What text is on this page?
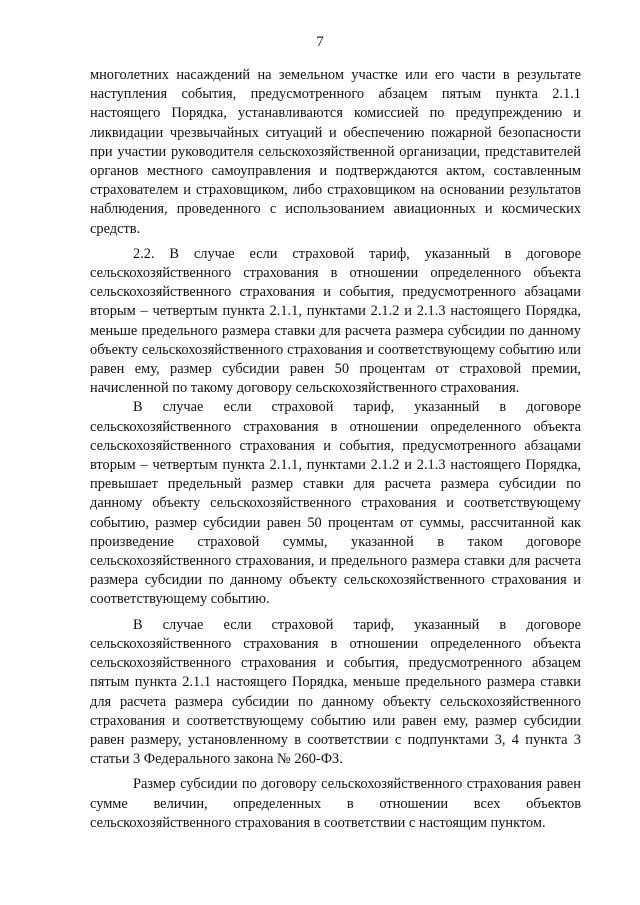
7

многолетних насаждений на земельном участке или его части в результате наступления события, предусмотренного абзацем пятым пункта 2.1.1 настоящего Порядка, устанавливаются комиссией по предупреждению и ликвидации чрезвычайных ситуаций и обеспечению пожарной безопасности при участии руководителя сельскохозяйственной организации, представителей органов местного самоуправления и подтверждаются актом, составленным страхователем и страховщиком, либо страховщиком на основании результатов наблюдения, проведенного с использованием авиационных и космических средств.

2.2. В случае если страховой тариф, указанный в договоре сельскохозяйственного страхования в отношении определенного объекта сельскохозяйственного страхования и события, предусмотренного абзацами вторым – четвертым пункта 2.1.1, пунктами 2.1.2 и 2.1.3 настоящего Порядка, меньше предельного размера ставки для расчета размера субсидии по данному объекту сельскохозяйственного страхования и соответствующему событию или равен ему, размер субсидии равен 50 процентам от страховой премии, начисленной по такому договору сельскохозяйственного страхования.

В случае если страховой тариф, указанный в договоре сельскохозяйственного страхования в отношении определенного объекта сельскохозяйственного страхования и события, предусмотренного абзацами вторым – четвертым пункта 2.1.1, пунктами 2.1.2 и 2.1.3 настоящего Порядка, превышает предельный размер ставки для расчета размера субсидии по данному объекту сельскохозяйственного страхования и соответствующему событию, размер субсидии равен 50 процентам от суммы, рассчитанной как произведение страховой суммы, указанной в таком договоре сельскохозяйственного страхования, и предельного размера ставки для расчета размера субсидии по данному объекту сельскохозяйственного страхования и соответствующему событию.

В случае если страховой тариф, указанный в договоре сельскохозяйственного страхования в отношении определенного объекта сельскохозяйственного страхования и события, предусмотренного абзацем пятым пункта 2.1.1 настоящего Порядка, меньше предельного размера ставки для расчета размера субсидии по данному объекту сельскохозяйственного страхования и соответствующему событию или равен ему, размер субсидии равен размеру, установленному в соответствии с подпунктами 3, 4 пункта 3 статьи 3 Федерального закона № 260-ФЗ.

Размер субсидии по договору сельскохозяйственного страхования равен сумме величин, определенных в отношении всех объектов сельскохозяйственного страхования в соответствии с настоящим пунктом.
